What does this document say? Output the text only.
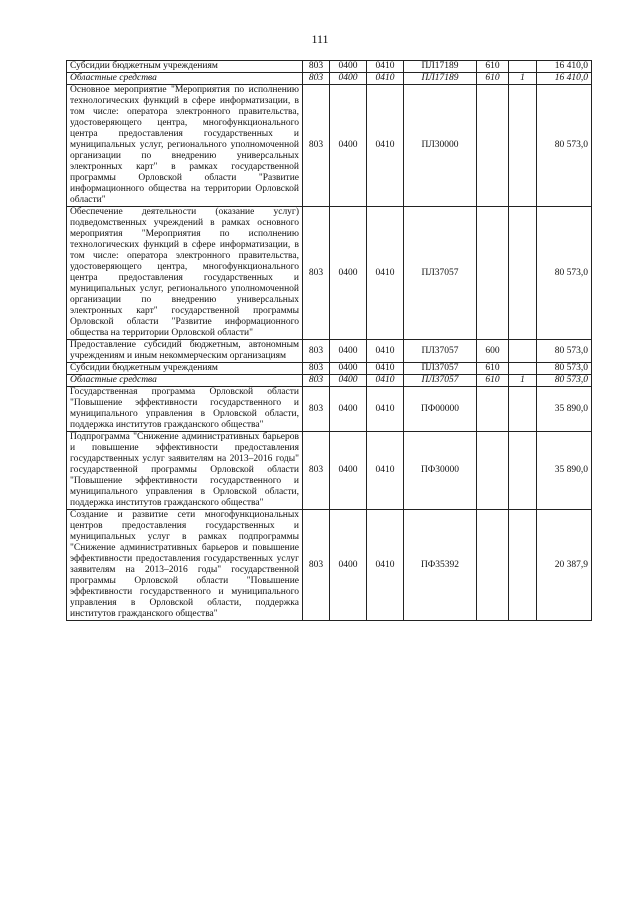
111
Субсидии бюджетным учреждениям	803	0400	0410	ПЛ17189	610		16 410,0
Областные средства	803	0400	0410	ПЛ17189	610	1	16 410,0
Основное мероприятие "Мероприятия по исполнению технологических функций в сфере информатизации, в том числе: оператора электронного правительства, удостоверяющего центра, многофункционального центра предоставления государственных и муниципальных услуг, регионального уполномоченной организации по внедрению универсальных электронных карт" в рамках государственной программы Орловской области "Развитие информационного общества на территории Орловской области"	803	0400	0410	ПЛ30000			80 573,0
Обеспечение деятельности (оказание услуг) подведомственных учреждений в рамках основного мероприятия "Мероприятия по исполнению технологических функций в сфере информатизации, в том числе: оператора электронного правительства, удостоверяющего центра, многофункционального центра предоставления государственных и муниципальных услуг, регионального уполномоченной организации по внедрению универсальных электронных карт" государственной программы Орловской области "Развитие информационного общества на территории Орловской области"	803	0400	0410	ПЛ37057			80 573,0
Предоставление субсидий бюджетным, автономным учреждениям и иным некоммерческим организациям	803	0400	0410	ПЛ37057	600		80 573,0
Субсидии бюджетным учреждениям	803	0400	0410	ПЛ37057	610		80 573,0
Областные средства	803	0400	0410	ПЛ37057	610	1	80 573,0
Государственная программа Орловской области "Повышение эффективности государственного и муниципального управления в Орловской области, поддержка институтов гражданского общества"	803	0400	0410	ПФ00000			35 890,0
Подпрограмма "Снижение административных барьеров и повышение эффективности предоставления государственных услуг заявителям на 2013–2016 годы" государственной программы Орловской области "Повышение эффективности государственного и муниципального управления в Орловской области, поддержка институтов гражданского общества"	803	0400	0410	ПФ30000			35 890,0
Создание и развитие сети многофункциональных центров предоставления государственных и муниципальных услуг в рамках подпрограммы "Снижение административных барьеров и повышение эффективности предоставления государственных услуг заявителям на 2013–2016 годы" государственной программы Орловской области "Повышение эффективности государственного и муниципального управления в Орловской области, поддержка институтов гражданского общества"	803	0400	0410	ПФ35392			20 387,9
